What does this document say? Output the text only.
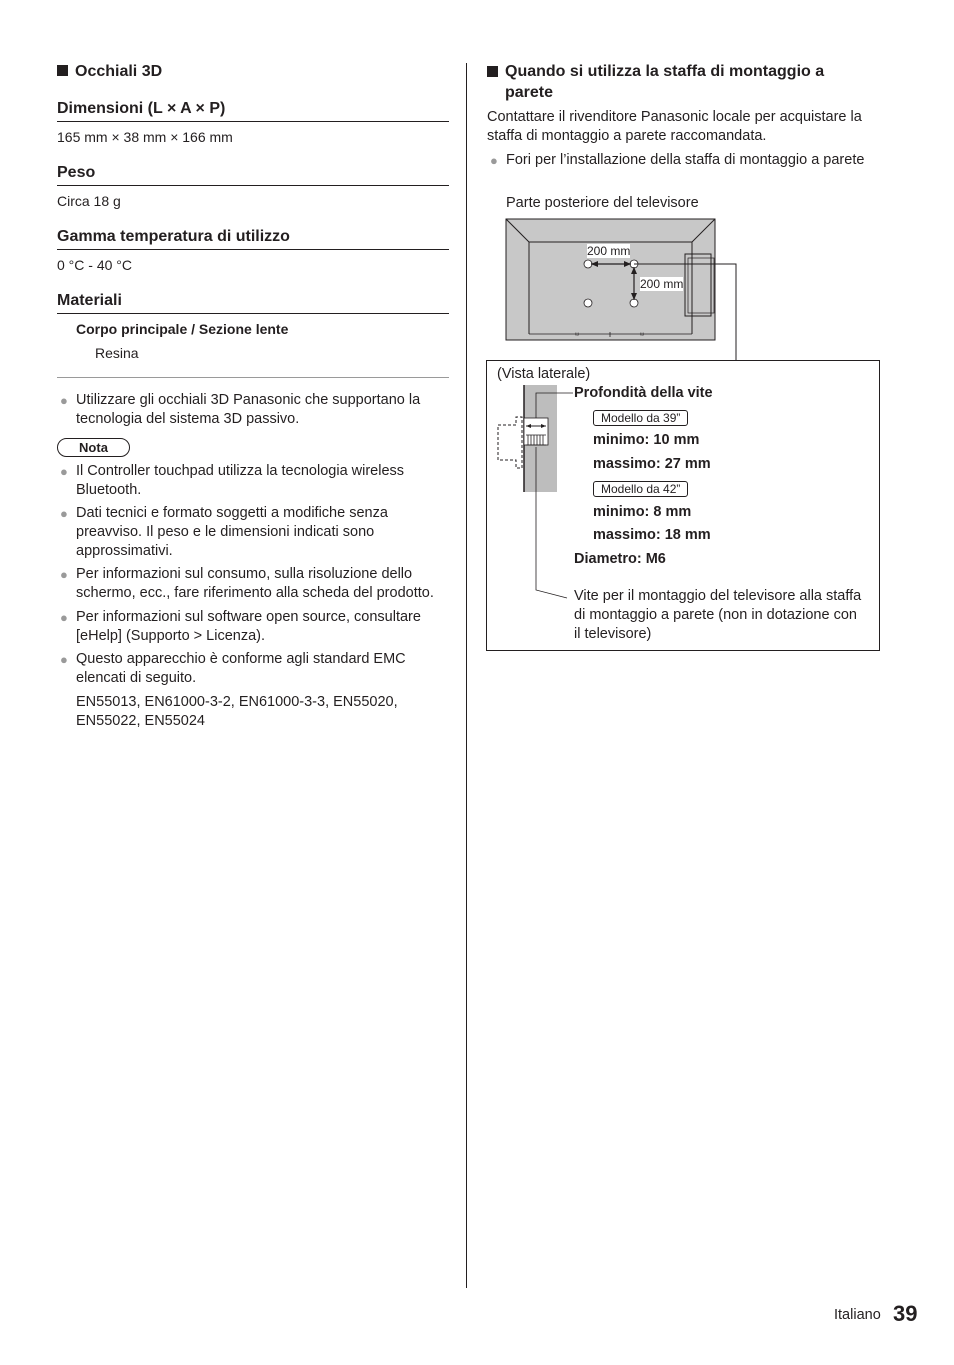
Occhiali 3D
Dimensioni (L × A × P)
165 mm × 38 mm × 166 mm
Peso
Circa 18 g
Gamma temperatura di utilizzo
0 °C - 40 °C
Materiali
Corpo principale / Sezione lente
Resina
● Utilizzare gli occhiali 3D Panasonic che supportano la tecnologia del sistema 3D passivo.
Nota
● Il Controller touchpad utilizza la tecnologia wireless Bluetooth.
● Dati tecnici e formato soggetti a modifiche senza preavviso. Il peso e le dimensioni indicati sono approssimativi.
● Per informazioni sul consumo, sulla risoluzione dello schermo, ecc., fare riferimento alla scheda del prodotto.
● Per informazioni sul software open source, consultare [eHelp] (Supporto > Licenza).
● Questo apparecchio è conforme agli standard EMC elencati di seguito.
EN55013, EN61000-3-2, EN61000-3-3, EN55020, EN55022, EN55024
Quando si utilizza la staffa di montaggio a parete
Contattare il rivenditore Panasonic locale per acquistare la staffa di montaggio a parete raccomandata.
● Fori per l’installazione della staffa di montaggio a parete
Parte posteriore del televisore
ᵚ	ᵚ
200 mm
200 mm
(Vista laterale)
Profondità della vite
Modello da 39”
minimo: 10 mm
massimo: 27 mm
Modello da 42”
minimo: 8 mm
massimo: 18 mm
Diametro: M6
Vite per il montaggio del televisore alla staffa di montaggio a parete (non in dotazione con il televisore)
Italiano 39
